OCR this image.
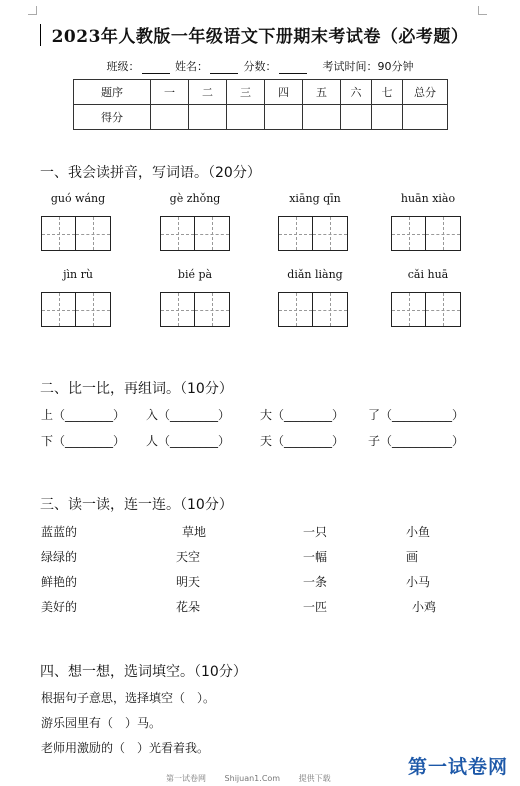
2023年人教版一年级语文下册期末考试卷（必考题）
班级：	姓名：	分数：	考试时间：90分钟
题序	一	二	三	四	五	六	七	总分
得分								
一、我会读拼音，写词语。（20分）
guó wáng	gè zhǒng	xiāng qīn	huān xiào
jìn rù	bié pà	diǎn liàng	cǎi huā
二、比一比，再组词。（10分）
上（________） 入（________） 大（________） 了（__________）
下（________） 人（________） 天（________） 子（__________）
三、读一读，连一连。（10分）
蓝蓝的	草地	一只	小鱼
绿绿的	天空	一幅	画
鲜艳的	明天	一条	小马
美好的	花朵	一匹	小鸡
四、想一想，选词填空。（10分）
根据句子意思，选择填空（　）。
游乐园里有（　）马。
老师用激励的（　）光看着我。
第一试卷网 Shijuan1.Com 提供下载
第一试卷网
